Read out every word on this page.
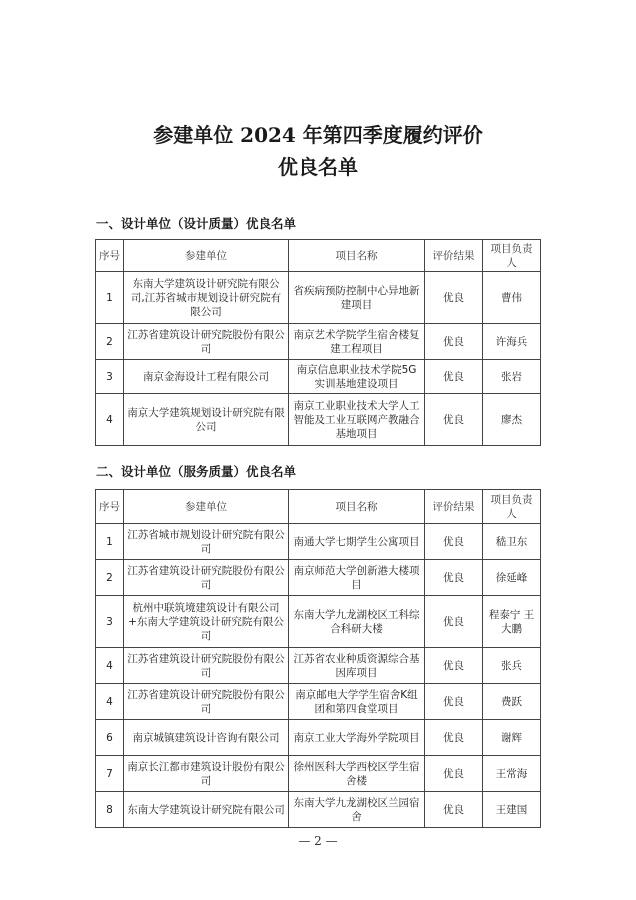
参建单位 2024 年第四季度履约评价
优良名单
一、设计单位（设计质量）优良名单
序号	参建单位	项目名称	评价结果	项目负责人
1	东南大学建筑设计研究院有限公司,江苏省城市规划设计研究院有限公司	省疾病预防控制中心异地新建项目	优良	曹伟
2	江苏省建筑设计研究院股份有限公司	南京艺术学院学生宿舍楼复建工程项目	优良	许海兵
3	南京金海设计工程有限公司	南京信息职业技术学院5G实训基地建设项目	优良	张岩
4	南京大学建筑规划设计研究院有限公司	南京工业职业技术大学人工智能及工业互联网产教融合基地项目	优良	廖杰
二、设计单位（服务质量）优良名单
序号	参建单位	项目名称	评价结果	项目负责人
1	江苏省城市规划设计研究院有限公司	南通大学七期学生公寓项目	优良	嵇卫东
2	江苏省建筑设计研究院股份有限公司	南京师范大学创新港大楼项目	优良	徐延峰
3	杭州中联筑境建筑设计有限公司+东南大学建筑设计研究院有限公司	东南大学九龙湖校区工科综合科研大楼	优良	程泰宁 王大鹏
4	江苏省建筑设计研究院股份有限公司	江苏省农业种质资源综合基因库项目	优良	张兵
4	江苏省建筑设计研究院股份有限公司	南京邮电大学学生宿舍K组团和第四食堂项目	优良	费跃
6	南京城镇建筑设计咨询有限公司	南京工业大学海外学院项目	优良	谢辉
7	南京长江都市建筑设计股份有限公司	徐州医科大学西校区学生宿舍楼	优良	王常海
8	东南大学建筑设计研究院有限公司	东南大学九龙湖校区兰园宿舍	优良	王建国
— 2 —
